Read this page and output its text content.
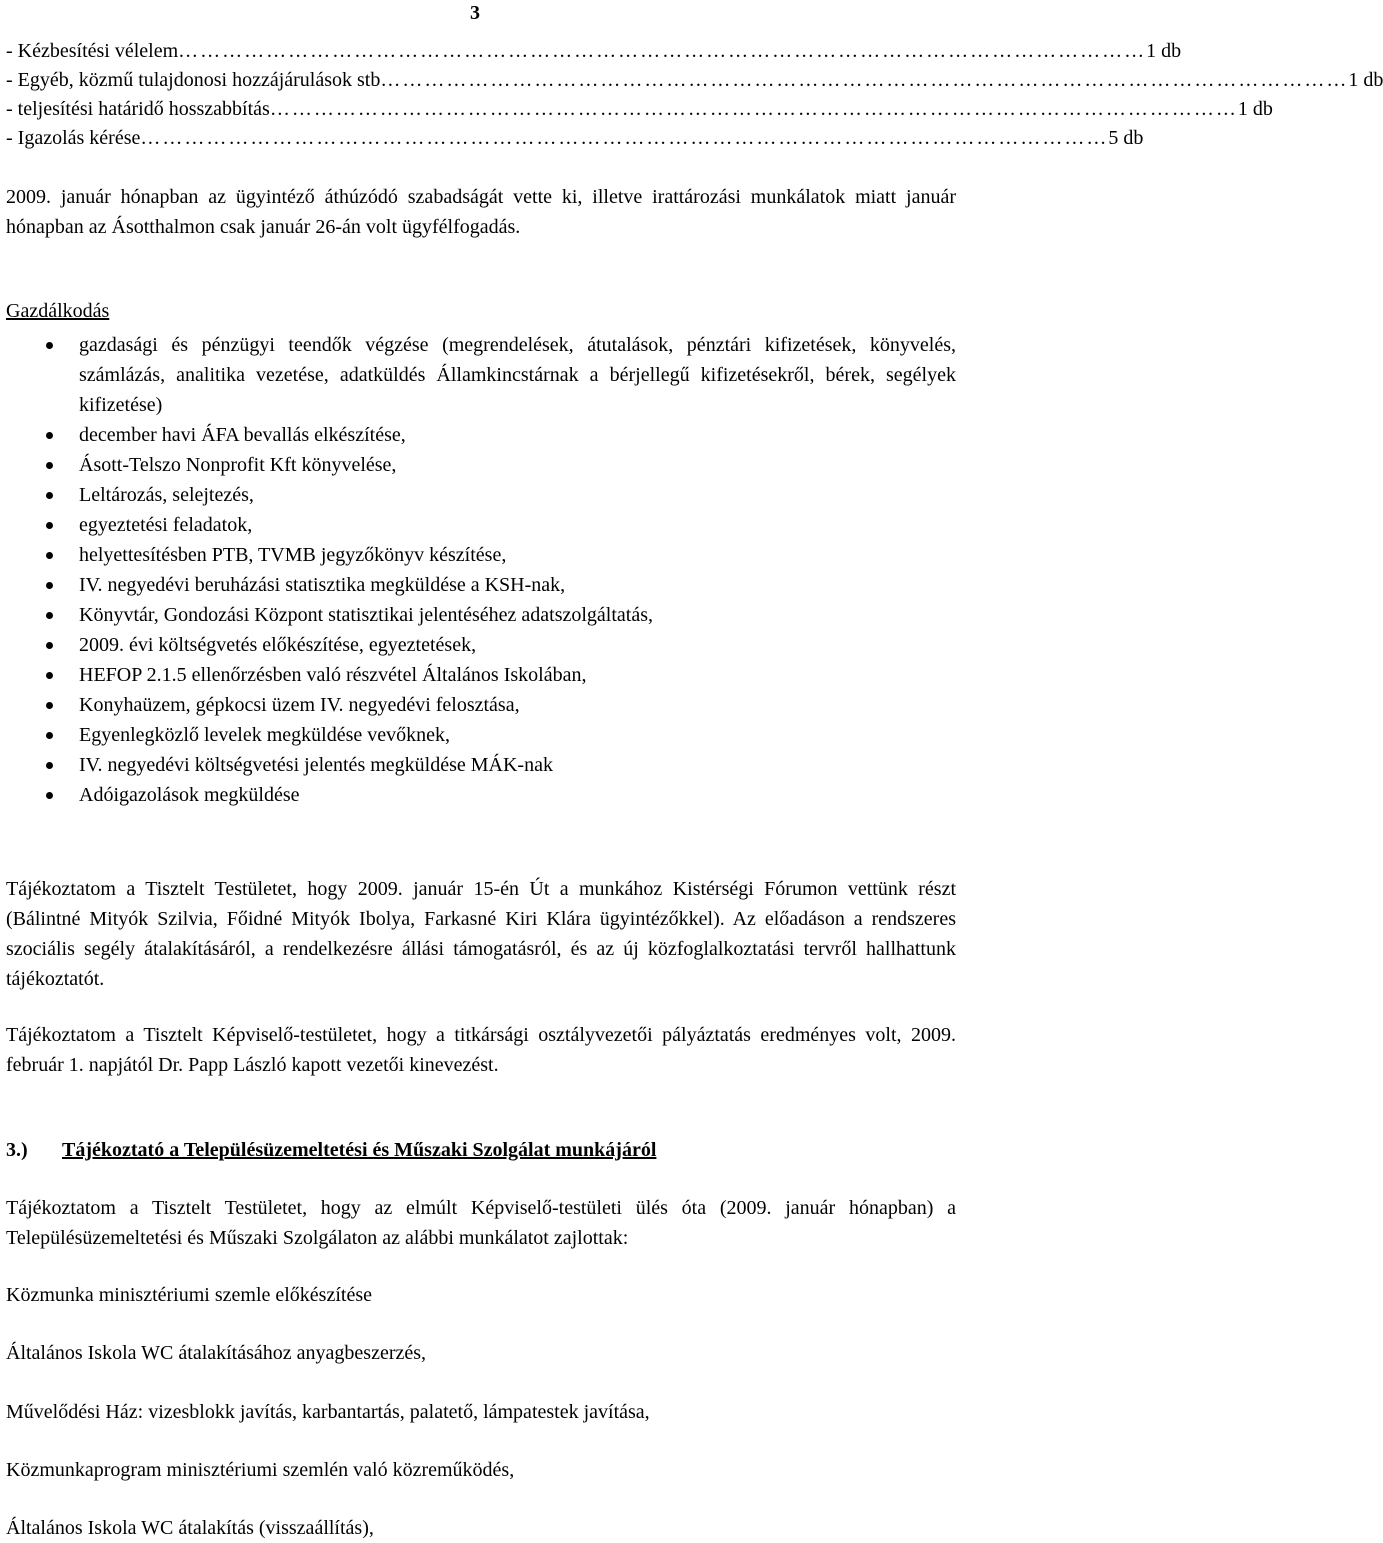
3
- Kézbesítési vélelem …………………………………………………………………………………………………………………… 1 db
- Egyéb, közmű tulajdonosi hozzájárulások stb …………………………………………………………………………………………………………………… 1 db
- teljesítési határidő hosszabbítás …………………………………………………………………………………………………………………… 1 db
- Igazolás kérése …………………………………………………………………………………………………………………… 5 db
2009. január hónapban az ügyintéző áthúzódó szabadságát vette ki, illetve irattározási munkálatok miatt január hónapban az Ásotthalmon csak január 26-án volt ügyfélfogadás.
Gazdálkodás
gazdasági és pénzügyi teendők végzése (megrendelések, átutalások, pénztári kifizetések, könyvelés, számlázás, analitika vezetése, adatküldés Államkincstárnak a bérjellegű kifizetésekről, bérek, segélyek kifizetése)
december havi ÁFA bevallás elkészítése,
Ásott-Telszo Nonprofit Kft könyvelése,
Leltározás, selejtezés,
egyeztetési feladatok,
helyettesítésben PTB, TVMB jegyzőkönyv készítése,
IV. negyedévi beruházási statisztika megküldése a KSH-nak,
Könyvtár, Gondozási Központ statisztikai jelentéséhez adatszolgáltatás,
2009. évi költségvetés előkészítése, egyeztetések,
HEFOP 2.1.5 ellenőrzésben való részvétel Általános Iskolában,
Konyhaüzem, gépkocsi üzem IV. negyedévi felosztása,
Egyenlegközlő levelek megküldése vevőknek,
IV. negyedévi költségvetési jelentés megküldése MÁK-nak
Adóigazolások megküldése
Tájékoztatom a Tisztelt Testületet, hogy 2009. január 15-én Út a munkához Kistérségi Fórumon vettünk részt (Bálintné Mityók Szilvia, Főidné Mityók Ibolya, Farkasné Kiri Klára ügyintézőkkel). Az előadáson a rendszeres szociális segély átalakításáról, a rendelkezésre állási támogatásról, és az új közfoglalkoztatási tervről hallhattunk tájékoztatót.
Tájékoztatom a Tisztelt Képviselő-testületet, hogy a titkársági osztályvezetői pályáztatás eredményes volt, 2009. február 1. napjától Dr. Papp László kapott vezetői kinevezést.
3.) Tájékoztató a Településüzemeltetési és Műszaki Szolgálat munkájáról
Tájékoztatom a Tisztelt Testületet, hogy az elmúlt Képviselő-testületi ülés óta (2009. január hónapban) a Településüzemeltetési és Műszaki Szolgálaton az alábbi munkálatot zajlottak:
Közmunka minisztériumi szemle előkészítése
Általános Iskola WC átalakításához anyagbeszerzés,
Művelődési Ház: vizesblokk javítás, karbantartás, palatető, lámpatestek javítása,
Közmunkaprogram minisztériumi szemlén való közreműködés,
Általános Iskola WC átalakítás (visszaállítás),
